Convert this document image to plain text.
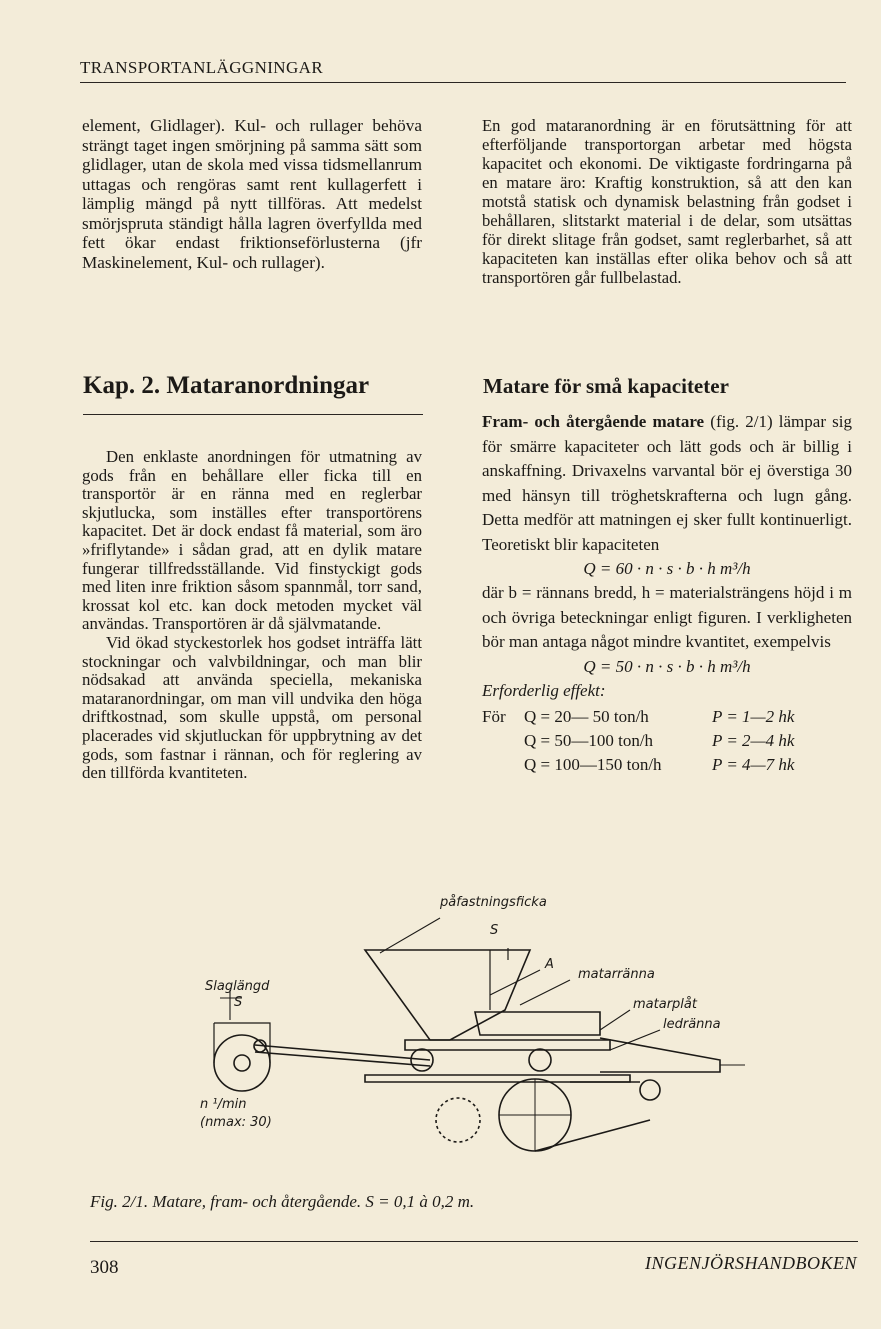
TRANSPORTANLÄGGNINGAR

element, Glidlager). Kul- och rullager behöva strängt taget ingen smörjning på samma sätt som glidlager, utan de skola med vissa tidsmellanrum uttagas och rengöras samt rent kullagerfett i lämplig mängd på nytt tillföras. Att medelst smörjspruta ständigt hålla lagren överfyllda med fett ökar endast friktionseförlusterna (jfr Maskinelement, Kul- och rullager).

En god mataranordning är en förutsättning för att efterföljande transportorgan arbetar med högsta kapacitet och ekonomi. De viktigaste fordringarna på en matare äro: Kraftig konstruktion, så att den kan motstå statisk och dynamisk belastning från godset i behållaren, slitstarkt material i de delar, som utsättas för direkt slitage från godset, samt reglerbarhet, så att kapaciteten kan inställas efter olika behov och så att transportören går fullbelastad.

Kap. 2. Mataranordningar

Den enklaste anordningen för utmatning av gods från en behållare eller ficka till en transportör är en ränna med en reglerbar skjutlucka, som inställes efter transportörens kapacitet. Det är dock endast få material, som äro »friflytande» i sådan grad, att en dylik matare fungerar tillfredsställande. Vid finstyckigt gods med liten inre friktion såsom spannmål, torr sand, krossat kol etc. kan dock metoden mycket väl användas. Transportören är då självmatande.

Vid ökad styckestorlek hos godset inträffa lätt stockningar och valvbildningar, och man blir nödsakad att använda speciella, mekaniska mataranordningar, om man vill undvika den höga driftkostnad, som skulle uppstå, om personal placerades vid skjutluckan för uppbrytning av det gods, som fastnar i rännan, och för reglering av den tillförda kvantiteten.

Matare för små kapaciteter

Fram- och återgående matare (fig. 2/1) lämpar sig för smärre kapaciteter och lätt gods och är billig i anskaffning. Drivaxelns varvantal bör ej överstiga 30 med hänsyn till tröghetskrafterna och lugn gång. Detta medför att matningen ej sker fullt kontinuerligt. Teoretiskt blir kapaciteten

Q = 60 · n · s · b · h m³/h

där b = rännans bredd, h = materialsträngens höjd i m och övriga beteckningar enligt figuren. I verkligheten bör man antaga något mindre kvantitet, exempelvis

Q = 50 · n · s · b · h m³/h

Erforderlig effekt:

För	Q = 20— 50 ton/h	P = 1—2 hk
Q = 50—100 ton/h	P = 2—4 hk
Q = 100—150 ton/h	P = 4—7 hk
påfastningsficka
S
A
matarränna
matarplåt
ledränna
Slaglängd
S
n ¹/min
(nmax: 30)
Fig. 2/1. Matare, fram- och återgående. S = 0,1 à 0,2 m.
308	INGENJÖRSHANDBOKEN
